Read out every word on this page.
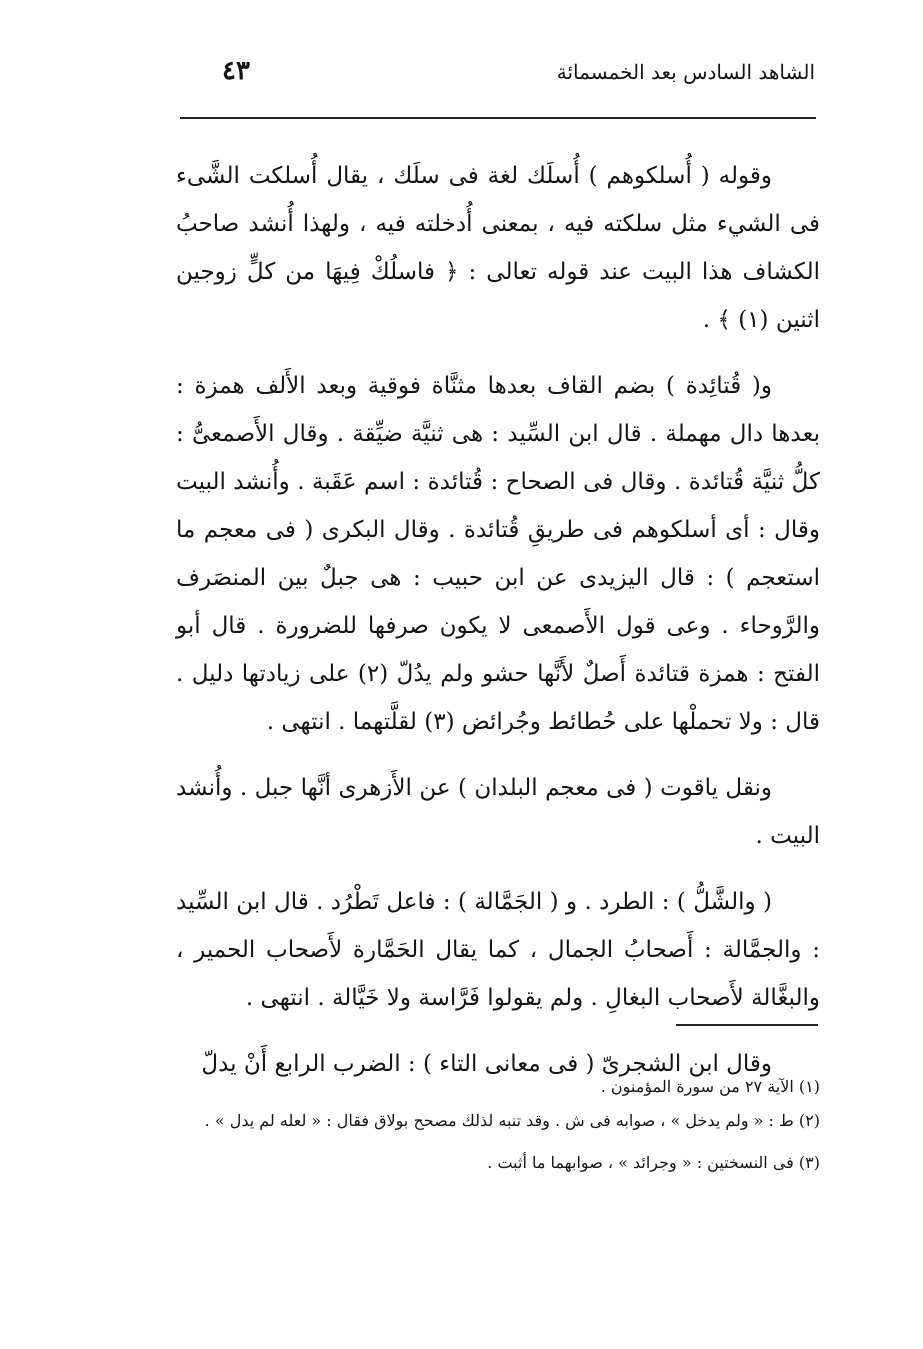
الشاهد السادس بعد الخمسمائة
٤٣

وقوله ( أُسلكوهم ) أُسلَك لغة فى سلَك ، يقال أُسلكت الشَّىء فى الشيء مثل سلكته فيه ، بمعنى أُدخلته فيه ، ولهذا أُنشد صاحبُ الكشاف هذا البيت عند قوله تعالى : ﴿ فاسلُكْ فِيهَا من كلٍّ زوجين اثنين (١) ﴾ .

و( قُتائِدة ) بضم القاف بعدها مثنَّاة فوقية وبعد الأَلف همزة : بعدها دال مهملة . قال ابن السِّيد : هى ثنيَّة ضيِّقة . وقال الأَصمعىُّ : كلُّ ثنيَّة قُتائدة . وقال فى الصحاح : قُتائدة : اسم عَقَبة . وأُنشد البيت وقال : أى أسلكوهم فى طريقِ قُتائدة . وقال البكرى ( فى معجم ما استعجم ) : قال اليزيدى عن ابن حبيب : هى جبلٌ بين المنصَرف والرَّوحاء . وعى قول الأَصمعى لا يكون صرفها للضرورة . قال أبو الفتح : همزة قتائدة أَصلٌ لأَنَّها حشو ولم يدُلّ (٢) على زيادتها دليل . قال : ولا تحملْها على حُطائط وجُرائض (٣) لقلَّتهما . انتهى .

ونقل ياقوت ( فى معجم البلدان ) عن الأَزهرى أنَّها جبل . وأُنشد البيت .

( والشَّلُّ ) : الطرد . و ( الجَمَّالة ) : فاعل تَطْرُد . قال ابن السِّيد : والجمَّالة : أَصحابُ الجمال ، كما يقال الحَمَّارة لأَصحاب الحمير ، والبغَّالة لأَصحاب البغالِ . ولم يقولوا فَرَّاسة ولا خَيَّالة . انتهى .

وقال ابن الشجرىّ ( فى معانى التاء ) : الضرب الرابع أَنْ يدلّ

(١) الآية ٢٧ من سورة المؤمنون .

(٢) ط : « ولم يدخل » ، صوابه فى ش . وقد تنبه لذلك مصحح بولاق فقال : « لعله لم يدل » .

(٣) فى النسختين : « وجرائد » ، صوابهما ما أثبت .
